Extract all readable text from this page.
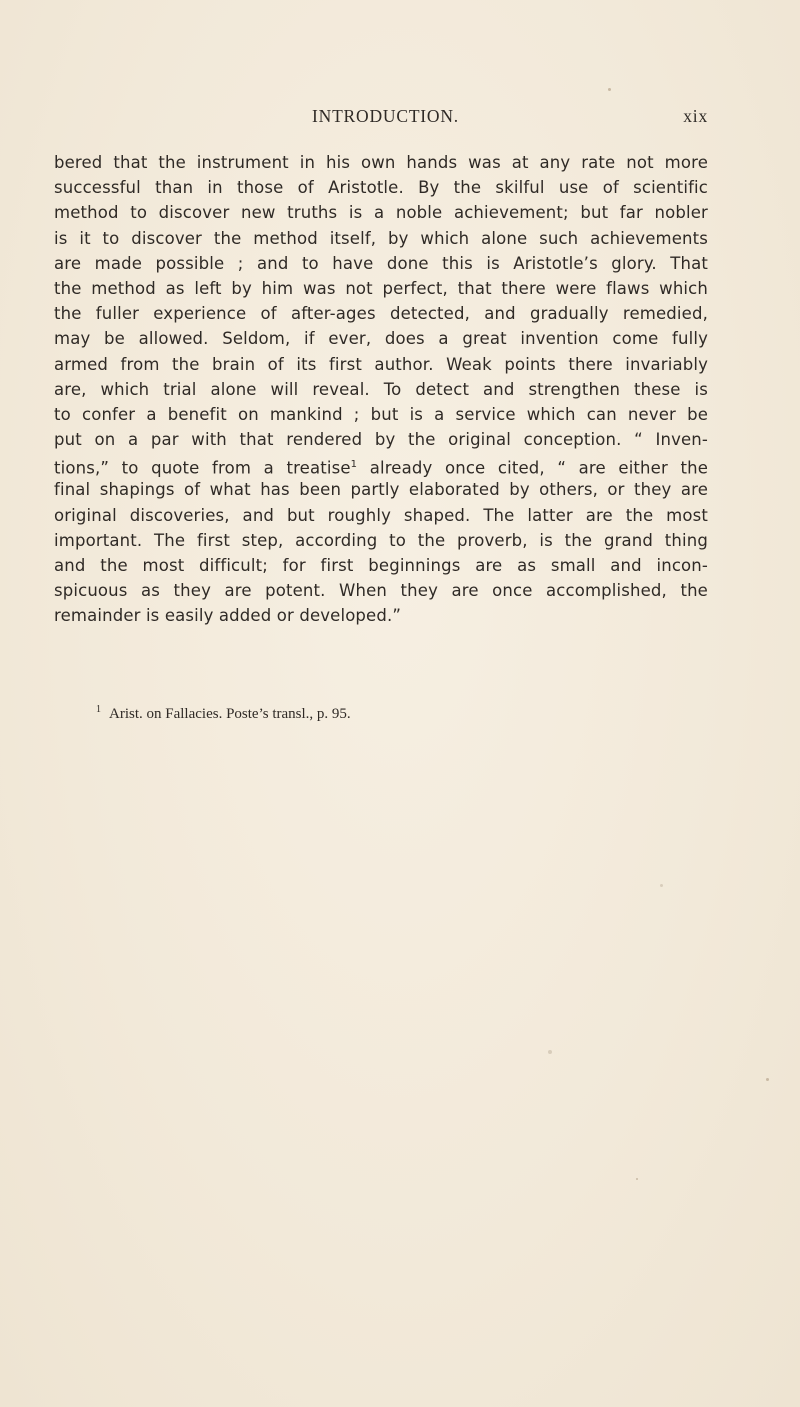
INTRODUCTION.	xix
bered that the instrument in his own hands was at any rate not more
successful than in those of Aristotle. By the skilful use of scientific
method to discover new truths is a noble achievement; but far nobler
is it to discover the method itself, by which alone such achievements
are made possible ; and to have done this is Aristotle’s glory. That
the method as left by him was not perfect, that there were flaws which
the fuller experience of after-ages detected, and gradually remedied,
may be allowed. Seldom, if ever, does a great invention come fully
armed from the brain of its first author. Weak points there invariably
are, which trial alone will reveal. To detect and strengthen these is
to confer a benefit on mankind ; but is a service which can never be
put on a par with that rendered by the original conception. “ Inven-
tions,” to quote from a treatise$^1$ already once cited, “ are either the
final shapings of what has been partly elaborated by others, or they are
original discoveries, and but roughly shaped. The latter are the most
important. The first step, according to the proverb, is the grand thing
and the most difficult; for first beginnings are as small and incon-
spicuous as they are potent. When they are once accomplished, the
remainder is easily added or developed.”
$^1$ Arist. on Fallacies. Poste’s transl., p. 95.
